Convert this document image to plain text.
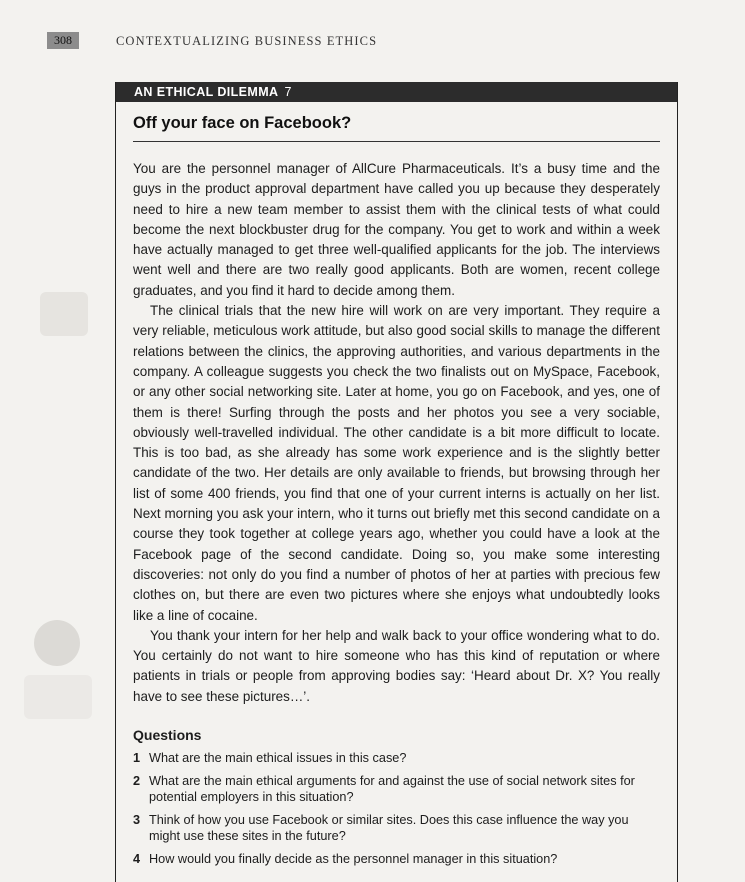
308	CONTEXTUALIZING BUSINESS ETHICS
AN ETHICAL DILEMMA 7
Off your face on Facebook?

You are the personnel manager of AllCure Pharmaceuticals. It’s a busy time and the guys in the product approval department have called you up because they desperately need to hire a new team member to assist them with the clinical tests of what could become the next blockbuster drug for the company. You get to work and within a week have actually managed to get three well-qualified applicants for the job. The interviews went well and there are two really good applicants. Both are women, recent college graduates, and you find it hard to decide among them.

The clinical trials that the new hire will work on are very important. They require a very reliable, meticulous work attitude, but also good social skills to manage the different relations between the clinics, the approving authorities, and various departments in the company. A colleague suggests you check the two finalists out on MySpace, Facebook, or any other social networking site. Later at home, you go on Facebook, and yes, one of them is there! Surfing through the posts and her photos you see a very sociable, obviously well-travelled individual. The other candidate is a bit more difficult to locate. This is too bad, as she already has some work experience and is the slightly better candidate of the two. Her details are only available to friends, but browsing through her list of some 400 friends, you find that one of your current interns is actually on her list. Next morning you ask your intern, who it turns out briefly met this second candidate on a course they took together at college years ago, whether you could have a look at the Facebook page of the second candidate. Doing so, you make some interesting discoveries: not only do you find a number of photos of her at parties with precious few clothes on, but there are even two pictures where she enjoys what undoubtedly looks like a line of cocaine.

You thank your intern for her help and walk back to your office wondering what to do. You certainly do not want to hire someone who has this kind of reputation or where patients in trials or people from approving bodies say: ‘Heard about Dr. X? You really have to see these pictures…’.

Questions
1 What are the main ethical issues in this case?
2 What are the main ethical arguments for and against the use of social network sites for potential employers in this situation?
3 Think of how you use Facebook or similar sites. Does this case influence the way you might use these sites in the future?
4 How would you finally decide as the personnel manager in this situation?
